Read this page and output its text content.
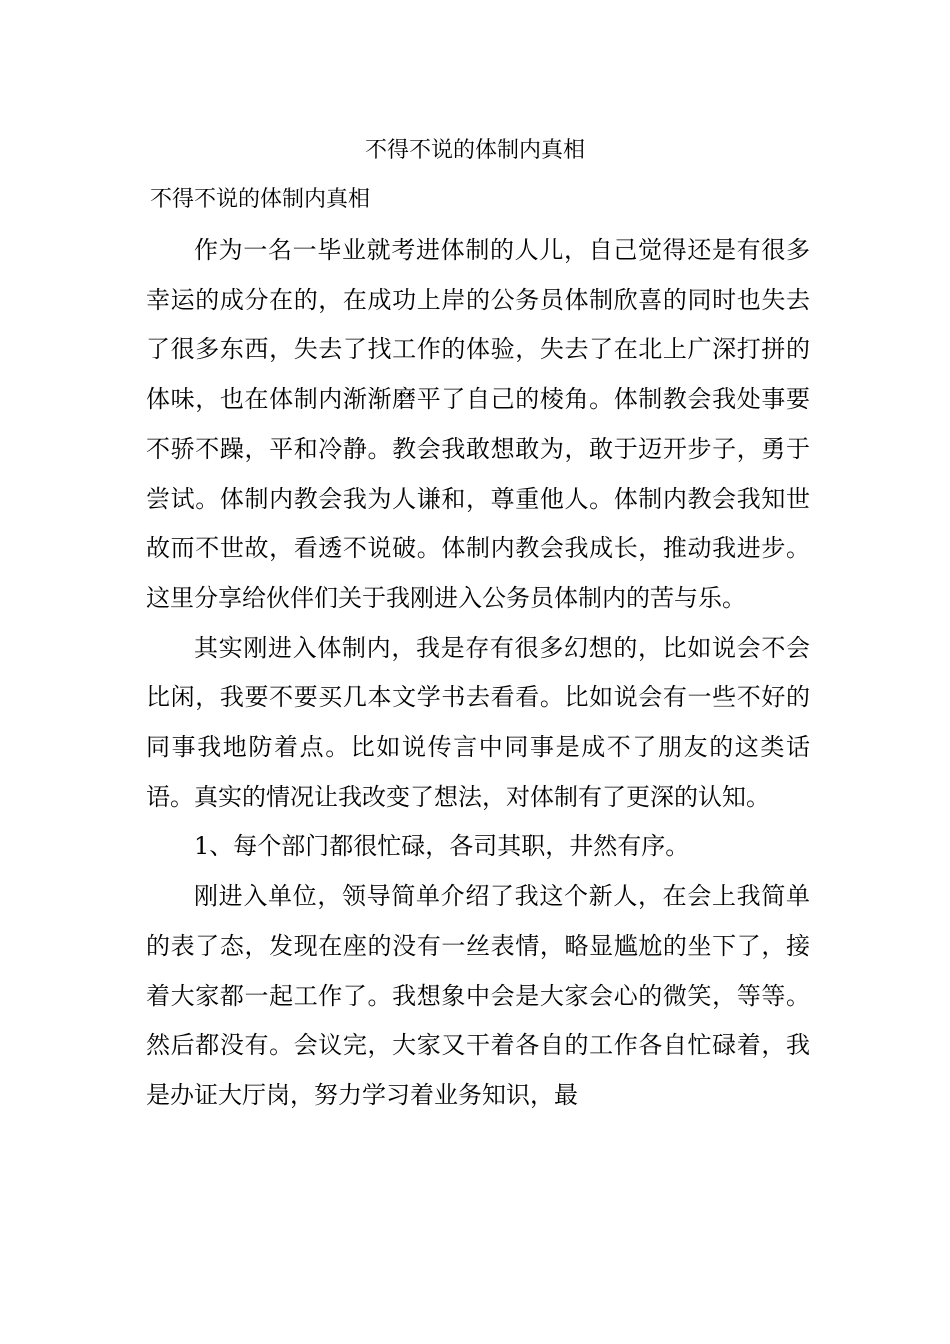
不得不说的体制内真相
不得不说的体制内真相

作为一名一毕业就考进体制的人儿，自己觉得还是有很多幸运的成分在的，在成功上岸的公务员体制欣喜的同时也失去了很多东西，失去了找工作的体验，失去了在北上广深打拼的体味，也在体制内渐渐磨平了自己的棱角。体制教会我处事要不骄不躁，平和冷静。教会我敢想敢为，敢于迈开步子，勇于尝试。体制内教会我为人谦和，尊重他人。体制内教会我知世故而不世故，看透不说破。体制内教会我成长，推动我进步。这里分享给伙伴们关于我刚进入公务员体制内的苦与乐。

其实刚进入体制内，我是存有很多幻想的，比如说会不会比闲，我要不要买几本文学书去看看。比如说会有一些不好的同事我地防着点。比如说传言中同事是成不了朋友的这类话语。真实的情况让我改变了想法，对体制有了更深的认知。

1、每个部门都很忙碌，各司其职，井然有序。

刚进入单位，领导简单介绍了我这个新人，在会上我简单的表了态，发现在座的没有一丝表情，略显尴尬的坐下了，接着大家都一起工作了。我想象中会是大家会心的微笑，等等。然后都没有。会议完，大家又干着各自的工作各自忙碌着，我是办证大厅岗，努力学习着业务知识，最
